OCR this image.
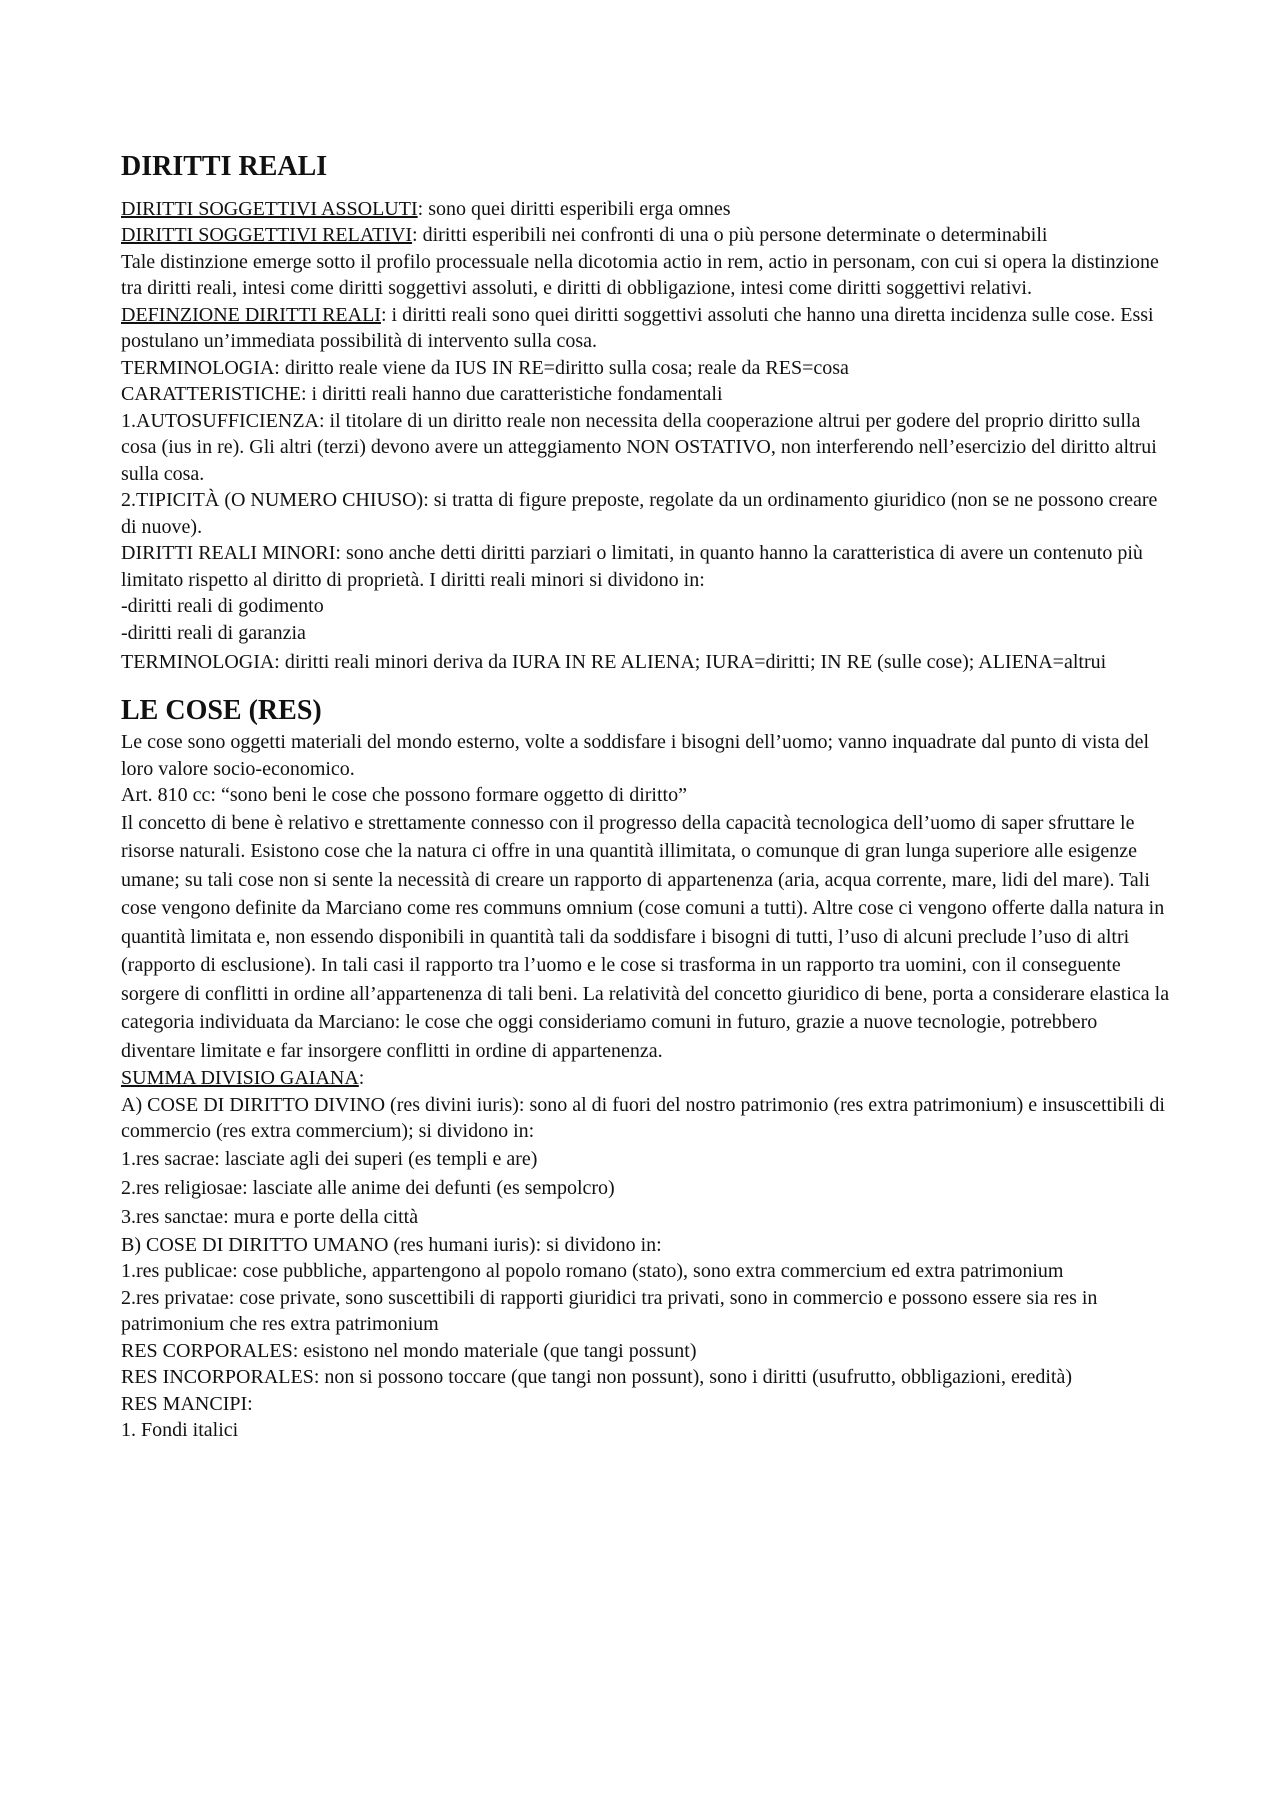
DIRITTI REALI

DIRITTI SOGGETTIVI ASSOLUTI: sono quei diritti esperibili erga omnes

DIRITTI SOGGETTIVI RELATIVI: diritti esperibili nei confronti di una o più persone determinate o determinabili

Tale distinzione emerge sotto il profilo processuale nella dicotomia actio in rem, actio in personam, con cui si opera la distinzione tra diritti reali, intesi come diritti soggettivi assoluti, e diritti di obbligazione, intesi come diritti soggettivi relativi.

DEFINZIONE DIRITTI REALI: i diritti reali sono quei diritti soggettivi assoluti che hanno una diretta incidenza sulle cose. Essi postulano un’immediata possibilità di intervento sulla cosa.

TERMINOLOGIA: diritto reale viene da IUS IN RE=diritto sulla cosa; reale da RES=cosa

CARATTERISTICHE: i diritti reali hanno due caratteristiche fondamentali

1.AUTOSUFFICIENZA: il titolare di un diritto reale non necessita della cooperazione altrui per godere del proprio diritto sulla cosa (ius in re). Gli altri (terzi) devono avere un atteggiamento NON OSTATIVO, non interferendo nell’esercizio del diritto altrui sulla cosa.

2.TIPICITÀ (O NUMERO CHIUSO): si tratta di figure preposte, regolate da un ordinamento giuridico (non se ne possono creare di nuove).

DIRITTI REALI MINORI: sono anche detti diritti parziari o limitati, in quanto hanno la caratteristica di avere un contenuto più limitato rispetto al diritto di proprietà. I diritti reali minori si dividono in:

-diritti reali di godimento

-diritti reali di garanzia

TERMINOLOGIA: diritti reali minori deriva da IURA IN RE ALIENA; IURA=diritti; IN RE (sulle cose); ALIENA=altrui

LE COSE (RES)

Le cose sono oggetti materiali del mondo esterno, volte a soddisfare i bisogni dell’uomo; vanno inquadrate dal punto di vista del loro valore socio-economico.

Art. 810 cc: “sono beni le cose che possono formare oggetto di diritto”

Il concetto di bene è relativo e strettamente connesso con il progresso della capacità tecnologica dell’uomo di saper sfruttare le risorse naturali. Esistono cose che la natura ci offre in una quantità illimitata, o comunque di gran lunga superiore alle esigenze umane; su tali cose non si sente la necessità di creare un rapporto di appartenenza (aria, acqua corrente, mare, lidi del mare). Tali cose vengono definite da Marciano come res communs omnium (cose comuni a tutti). Altre cose ci vengono offerte dalla natura in quantità limitata e, non essendo disponibili in quantità tali da soddisfare i bisogni di tutti, l’uso di alcuni preclude l’uso di altri (rapporto di esclusione). In tali casi il rapporto tra l’uomo e le cose si trasforma in un rapporto tra uomini, con il conseguente sorgere di conflitti in ordine all’appartenenza di tali beni. La relatività del concetto giuridico di bene, porta a considerare elastica la categoria individuata da Marciano: le cose che oggi consideriamo comuni in futuro, grazie a nuove tecnologie, potrebbero diventare limitate e far insorgere conflitti in ordine di appartenenza.

SUMMA DIVISIO GAIANA:

A) COSE DI DIRITTO DIVINO (res divini iuris): sono al di fuori del nostro patrimonio (res extra patrimonium) e insuscettibili di commercio (res extra commercium); si dividono in:

1.res sacrae: lasciate agli dei superi (es templi e are)

2.res religiosae: lasciate alle anime dei defunti (es sempolcro)

3.res sanctae: mura e porte della città

B) COSE DI DIRITTO UMANO (res humani iuris): si dividono in:

1.res publicae: cose pubbliche, appartengono al popolo romano (stato), sono extra commercium ed extra patrimonium

2.res privatae: cose private, sono suscettibili di rapporti giuridici tra privati, sono in commercio e possono essere sia res in patrimonium che res extra patrimonium

RES CORPORALES: esistono nel mondo materiale (que tangi possunt)

RES INCORPORALES: non si possono toccare (que tangi non possunt), sono i diritti (usufrutto, obbligazioni, eredità)

RES MANCIPI:

1. Fondi italici
